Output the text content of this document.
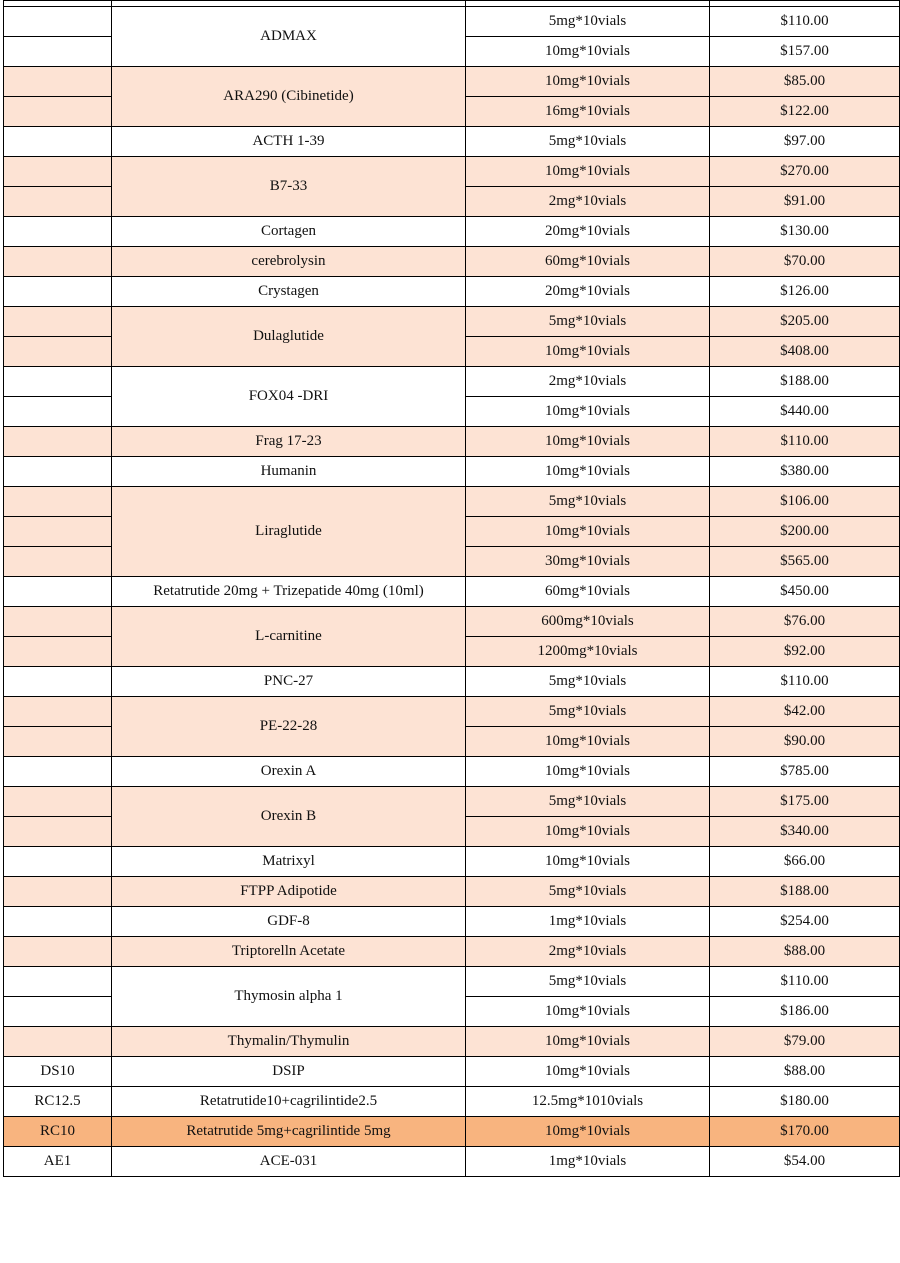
	ADMAX	5mg*10vials	$110.00
		10mg*10vials	$157.00
	ARA290 (Cibinetide)	10mg*10vials	$85.00
		16mg*10vials	$122.00
	ACTH 1-39	5mg*10vials	$97.00
	B7-33	10mg*10vials	$270.00
		2mg*10vials	$91.00
	Cortagen	20mg*10vials	$130.00
	cerebrolysin	60mg*10vials	$70.00
	Crystagen	20mg*10vials	$126.00
	Dulaglutide	5mg*10vials	$205.00
		10mg*10vials	$408.00
	FOX04 -DRI	2mg*10vials	$188.00
		10mg*10vials	$440.00
	Frag 17-23	10mg*10vials	$110.00
	Humanin	10mg*10vials	$380.00
	Liraglutide	5mg*10vials	$106.00
		10mg*10vials	$200.00
		30mg*10vials	$565.00
	Retatrutide 20mg + Trizepatide 40mg (10ml)	60mg*10vials	$450.00
	L-carnitine	600mg*10vials	$76.00
		1200mg*10vials	$92.00
	PNC-27	5mg*10vials	$110.00
	PE-22-28	5mg*10vials	$42.00
		10mg*10vials	$90.00
	Orexin A	10mg*10vials	$785.00
	Orexin B	5mg*10vials	$175.00
		10mg*10vials	$340.00
	Matrixyl	10mg*10vials	$66.00
	FTPP Adipotide	5mg*10vials	$188.00
	GDF-8	1mg*10vials	$254.00
	Triptorelln Acetate	2mg*10vials	$88.00
	Thymosin alpha 1	5mg*10vials	$110.00
		10mg*10vials	$186.00
	Thymalin/Thymulin	10mg*10vials	$79.00
DS10	DSIP	10mg*10vials	$88.00
RC12.5	Retatrutide10+cagrilintide2.5	12.5mg*1010vials	$180.00
RC10	Retatrutide 5mg+cagrilintide 5mg	10mg*10vials	$170.00
AE1	ACE-031	1mg*10vials	$54.00
